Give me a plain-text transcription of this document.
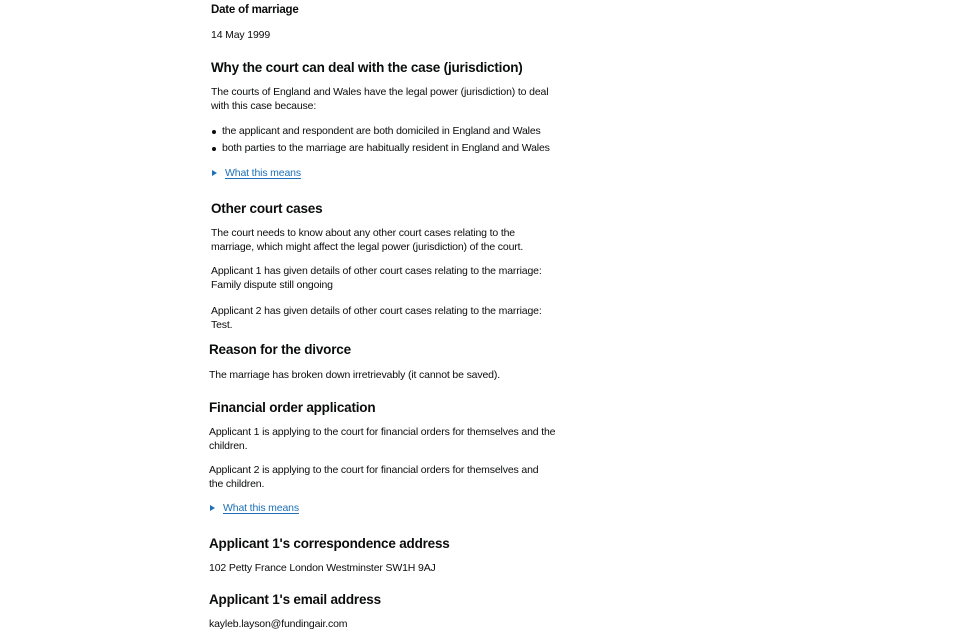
Date of marriage

14 May 1999

Why the court can deal with the case (jurisdiction)

The courts of England and Wales have the legal power (jurisdiction) to deal

with this case because:

the applicant and respondent are both domiciled in England and Wales
both parties to the marriage are habitually resident in England and Wales
What this means
Other court cases

The court needs to know about any other court cases relating to the

marriage, which might affect the legal power (jurisdiction) of the court.

Applicant 1 has given details of other court cases relating to the marriage:

Family dispute still ongoing

Applicant 2 has given details of other court cases relating to the marriage:

Test.

Reason for the divorce

The marriage has broken down irretrievably (it cannot be saved).

Financial order application

Applicant 1 is applying to the court for financial orders for themselves and the

children.

Applicant 2 is applying to the court for financial orders for themselves and

the children.

What this means
Applicant 1's correspondence address

102 Petty France London Westminster SW1H 9AJ

Applicant 1's email address

kayleb.layson@fundingair.com
